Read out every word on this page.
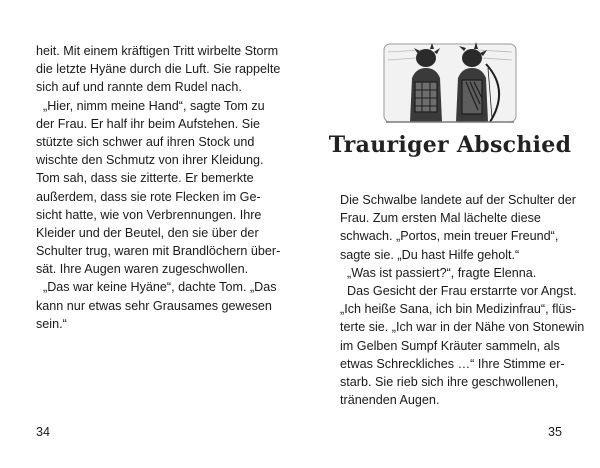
heit. Mit einem kräftigen Tritt wirbelte Storm
die letzte Hyäne durch die Luft. Sie rappelte
sich auf und rannte dem Rudel nach.
„Hier, nimm meine Hand“, sagte Tom zu
der Frau. Er half ihr beim Aufstehen. Sie
stützte sich schwer auf ihren Stock und
wischte den Schmutz von ihrer Kleidung.
Tom sah, dass sie zitterte. Er bemerkte
außerdem, dass sie rote Flecken im Ge-
sicht hatte, wie von Verbrennungen. Ihre
Kleider und der Beutel, den sie über der
Schulter trug, waren mit Brandlöchern über-
sät. Ihre Augen waren zugeschwollen.
„Das war keine Hyäne“, dachte Tom. „Das
kann nur etwas sehr Grausames gewesen
sein.“
34
Trauriger Abschied
Die Schwalbe landete auf der Schulter der
Frau. Zum ersten Mal lächelte diese
schwach. „Portos, mein treuer Freund“,
sagte sie. „Du hast Hilfe geholt.“
„Was ist passiert?“, fragte Elenna.
Das Gesicht der Frau erstarrte vor Angst.
„Ich heiße Sana, ich bin Medizinfrau“, flüs-
terte sie. „Ich war in der Nähe von Stonewin
im Gelben Sumpf Kräuter sammeln, als
etwas Schreckliches …“ Ihre Stimme er-
starb. Sie rieb sich ihre geschwollenen,
tränenden Augen.
35
